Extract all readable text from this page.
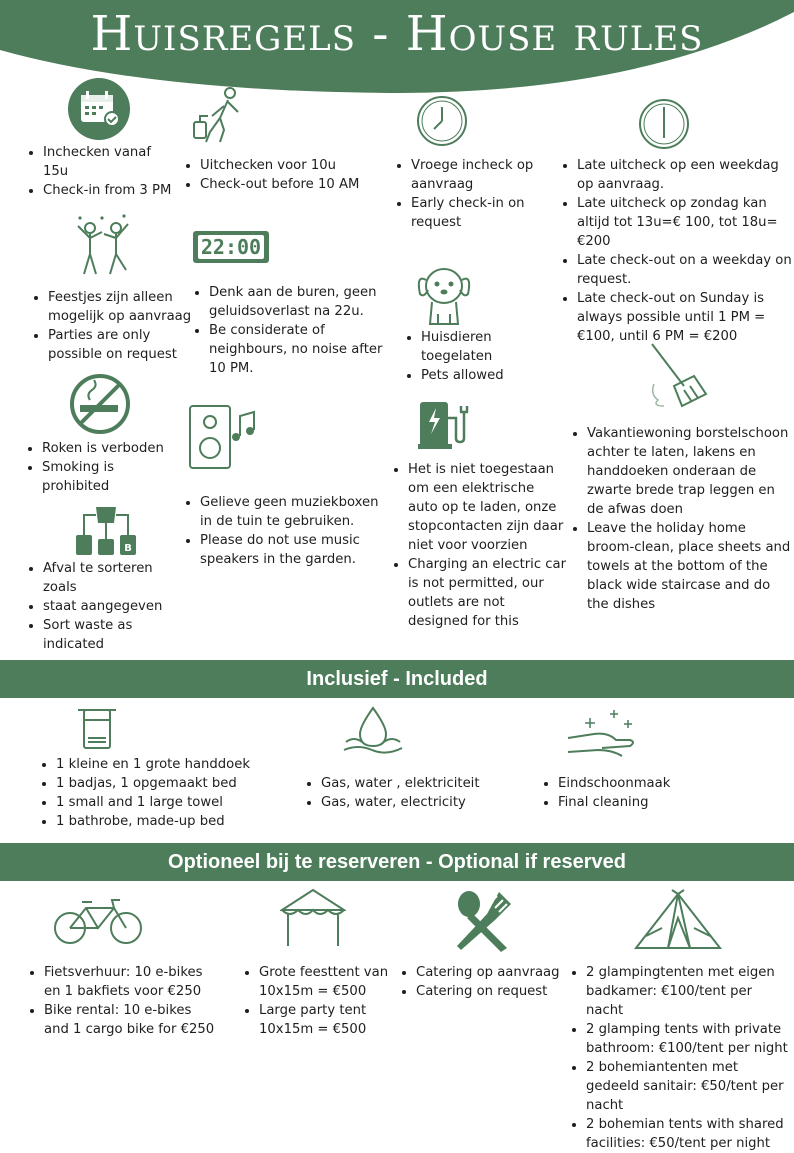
Huisregels - House rules
• Inchecken vanaf 15u
• Check-in from 3 PM
• Uitchecken voor 10u
• Check-out before 10 AM
• Vroege incheck op aanvraag
• Early check-in on request
• Late uitcheck op een weekdag op aanvraag.
• Late uitcheck op zondag kan altijd tot 13u=€ 100, tot 18u= €200
• Late check-out on a weekday on request.
• Late check-out on Sunday is always possible until 1 PM = €100, until 6 PM = €200
22:00
• Feestjes zijn alleen mogelijk op aanvraag
• Parties are only possible on request
• Denk aan de buren, geen geluidsoverlast na 22u.
• Be considerate of neighbours, no noise after 10 PM.
• Huisdieren toegelaten
• Pets allowed
• Roken is verboden
• Smoking is prohibited
• Vakantiewoning borstelschoon achter te laten, lakens en handdoeken onderaan de zwarte brede trap leggen en de afwas doen
• Leave the holiday home broom-clean, place sheets and towels at the bottom of the black wide staircase and do the dishes
• Het is niet toegestaan om een elektrische auto op te laden, onze stopcontacten zijn daar niet voor voorzien
• Charging an electric car is not permitted, our outlets are not designed for this
• Gelieve geen muziekboxen in de tuin te gebruiken.
• Please do not use music speakers in the garden.
B
• Afval te sorteren zoals
• staat aangegeven
• Sort waste as indicated
Inclusief - Included
• 1 kleine en 1 grote handdoek
• 1 badjas, 1 opgemaakt bed
• 1 small and 1 large towel
• 1 bathrobe, made-up bed
• Gas, water , elektriciteit
• Gas, water, electricity
• Eindschoonmaak
• Final cleaning
Optioneel bij te reserveren - Optional if reserved
• Fietsverhuur: 10 e-bikes en 1 bakfiets voor €250
• Bike rental: 10 e-bikes and 1 cargo bike for €250
• Grote feesttent van 10x15m = €500
• Large party tent 10x15m = €500
• Catering op aanvraag
• Catering on request
• 2 glampingtenten met eigen badkamer: €100/tent per nacht
• 2 glamping tents with private bathroom: €100/tent per night
• 2 bohemiantenten met gedeeld sanitair: €50/tent per nacht
• 2 bohemian tents with shared facilities: €50/tent per night
